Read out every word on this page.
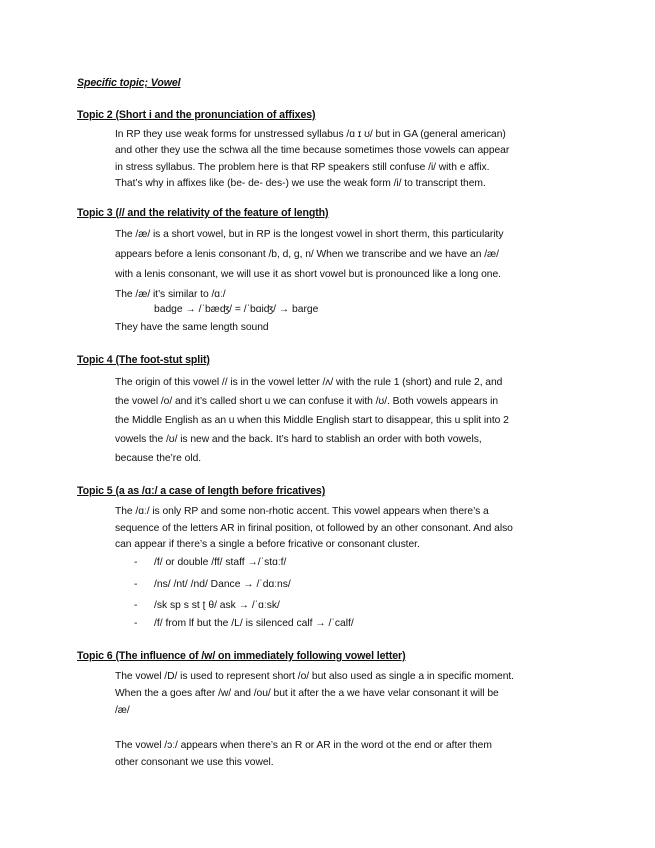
Specific topic; Vowel
Topic 2 (Short i and the pronunciation of affixes)
In RP they use weak forms for unstressed syllabus /ɑ ɪ ʊ/ but in GA (general american)
and other they use the schwa all the time because sometimes those vowels can appear
in stress syllabus. The problem here is that RP speakers still confuse /i/ with e affix.
That’s why in affixes like (be- de- des-) we use the weak form /i/ to transcript them.
Topic 3 (// and the relativity of the feature of length)
The /æ/ is a short vowel, but in RP is the longest vowel in short therm, this particularity
appears before a lenis consonant /b, d, g, n/ When we transcribe and we have an /æ/
with a lenis consonant, we will use it as short vowel but is pronounced like a long one.
The /æ/ it’s similar to /ɑː/
badge → /ˈbæʤ/ = /ˈbɑiʤ/ → barge
They have the same length sound
Topic 4 (The foot-stut split)
The origin of this vowel // is in the vowel letter /ʌ/ with the rule 1 (short) and rule 2, and
the vowel /o/ and it’s called short u we can confuse it with /ʊ/. Both vowels appears in
the Middle English as an u when this Middle English start to disappear, this u split into 2
vowels the /ʊ/ is new and the back. It’s hard to stablish an order with both vowels,
because the’re old.
Topic 5 (a as /ɑː/ a case of length before fricatives)
The /ɑː/ is only RP and some non-rhotic accent. This vowel appears when there’s a
sequence of the letters AR in firinal position, ot followed by an other consonant. And also
can appear if there’s a single a before fricative or consonant cluster.
- /f/ or double /ff/ staff →/ˈstɑːf/
- /ns/ /nt/ /nd/ Dance → /ˈdɑːns/
- /sk sp s st ʈ θ/ ask → /ˈɑːsk/
- /f/ from lf but the /L/ is silenced calf → /ˈcalf/
Topic 6 (The influence of /w/ on immediately following vowel letter)
The vowel /D/ is used to represent short /o/ but also used as single a in specific moment.
When the a goes after /w/ and /ou/ but it after the a we have velar consonant it will be
/æ/
The vowel /ɔː/ appears when there’s an R or AR in the word ot the end or after them
other consonant we use this vowel.
